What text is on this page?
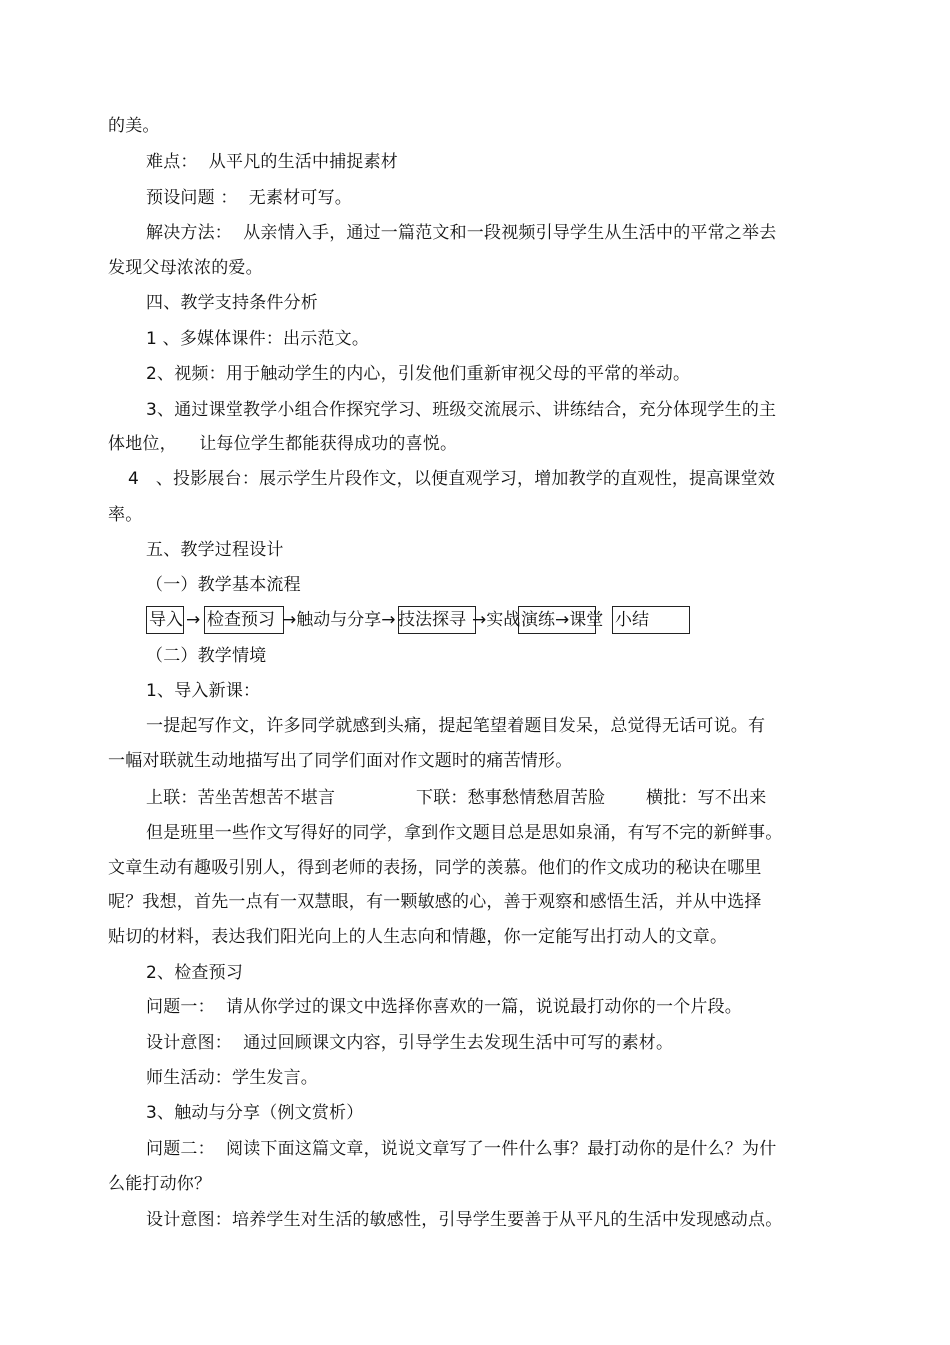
的美。
难点：  从平凡的生活中捕捉素材
预设问题 ：  无素材可写。
解决方法：  从亲情入手，通过一篇范文和一段视频引导学生从生活中的平常之举去
发现父母浓浓的爱。
四、教学支持条件分析
1 、多媒体课件：出示范文。
2、视频：用于触动学生的内心，引发他们重新审视父母的平常的举动。
3、通过课堂教学小组合作探究学习、班级交流展示、讲练结合，充分体现学生的主
体地位，    让每位学生都能获得成功的喜悦。
4   、投影展台：展示学生片段作文，以便直观学习，增加教学的直观性，提高课堂效
率。
五、教学过程设计
（一）教学基本流程
导入 → 检查预习 →触动与分享→ 技法探寻 →实战 演练 →课堂 小结
（二）教学情境
1、导入新课：
一提起写作文，许多同学就感到头痛，提起笔望着题目发呆，总觉得无话可说。有
一幅对联就生动地描写出了同学们面对作文题时的痛苦情形。
上联：苦坐苦想苦不堪言	下联：愁事愁情愁眉苦脸 横批：写不出来
但是班里一些作文写得好的同学，拿到作文题目总是思如泉涌，有写不完的新鲜事。
文章生动有趣吸引别人，得到老师的表扬，同学的羡慕。他们的作文成功的秘诀在哪里
呢？我想，首先一点有一双慧眼，有一颗敏感的心，善于观察和感悟生活，并从中选择
贴切的材料，表达我们阳光向上的人生志向和情趣，你一定能写出打动人的文章。
2、检查预习
问题一：  请从你学过的课文中选择你喜欢的一篇，说说最打动你的一个片段。
设计意图：  通过回顾课文内容，引导学生去发现生活中可写的素材。
师生活动：学生发言。
3、触动与分享（例文赏析）
问题二：  阅读下面这篇文章，说说文章写了一件什么事？最打动你的是什么？为什
么能打动你？
设计意图：培养学生对生活的敏感性，引导学生要善于从平凡的生活中发现感动点。
